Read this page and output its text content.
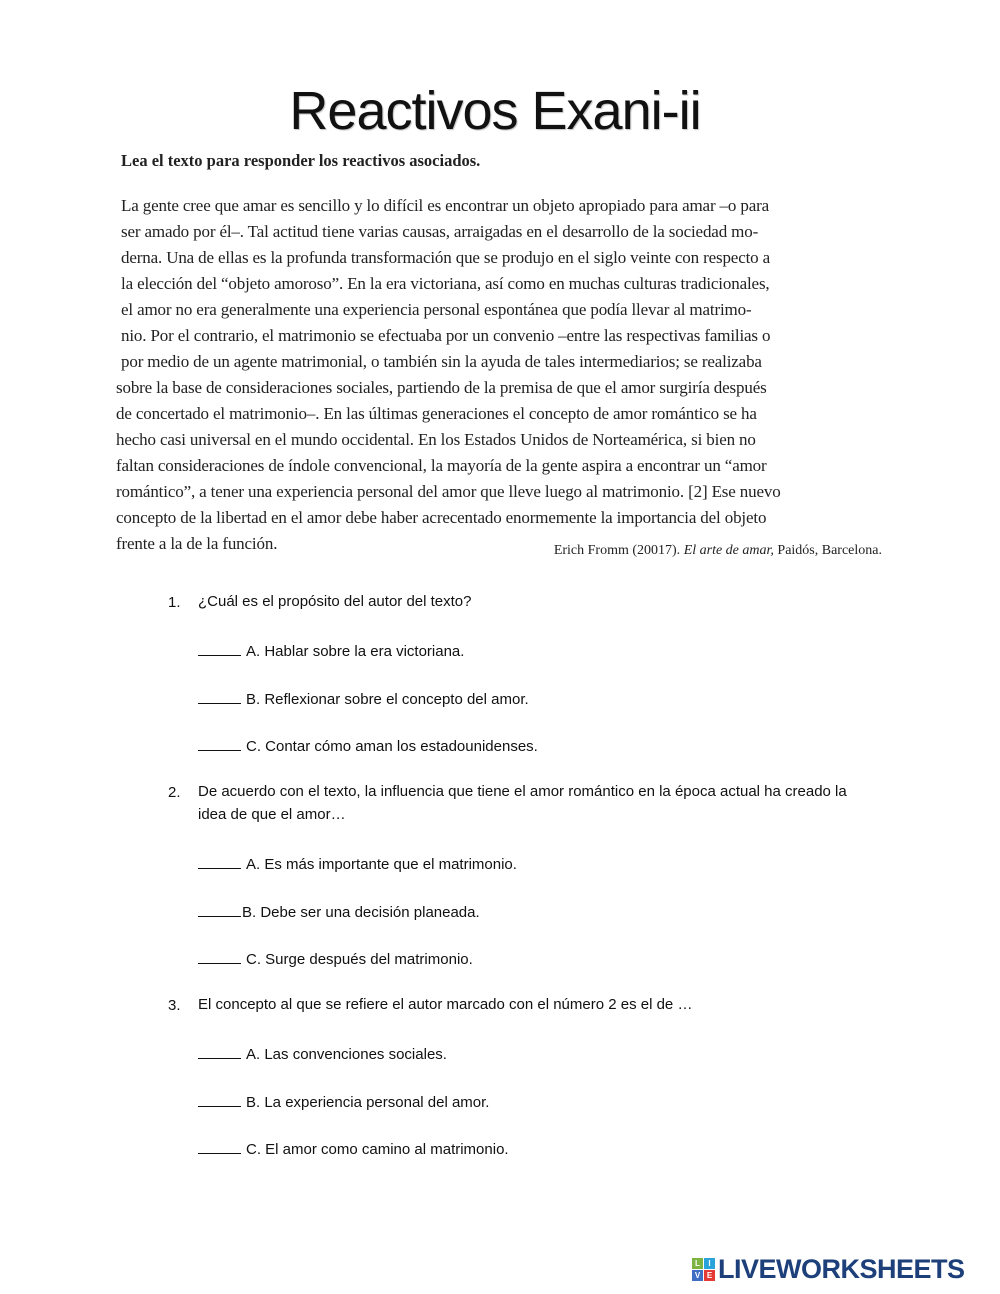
Reactivos Exani-ii
Lea el texto para responder los reactivos asociados.
La gente cree que amar es sencillo y lo difícil es encontrar un objeto apropiado para amar –o para
ser amado por él–. Tal actitud tiene varias causas, arraigadas en el desarrollo de la sociedad mo-
derna. Una de ellas es la profunda transformación que se produjo en el siglo veinte con respecto a
la elección del “objeto amoroso”. En la era victoriana, así como en muchas culturas tradicionales,
el amor no era generalmente una experiencia personal espontánea que podía llevar al matrimo-
nio. Por el contrario, el matrimonio se efectuaba por un convenio –entre las respectivas familias o
por medio de un agente matrimonial, o también sin la ayuda de tales intermediarios; se realizaba
sobre la base de consideraciones sociales, partiendo de la premisa de que el amor surgiría después
de concertado el matrimonio–. En las últimas generaciones el concepto de amor romántico se ha
hecho casi universal en el mundo occidental. En los Estados Unidos de Norteamérica, si bien no
faltan consideraciones de índole convencional, la mayoría de la gente aspira a encontrar un “amor
romántico”, a tener una experiencia personal del amor que lleve luego al matrimonio. [2] Ese nuevo
concepto de la libertad en el amor debe haber acrecentado enormemente la importancia del objeto
frente a la de la función.	Erich Fromm (20017). El arte de amar, Paidós, Barcelona.
1. ¿Cuál es el propósito del autor del texto?
A. Hablar sobre la era victoriana.
B. Reflexionar sobre el concepto del amor.
C. Contar cómo aman los estadounidenses.
2. De acuerdo con el texto, la influencia que tiene el amor romántico en la época actual ha creado la idea de que el amor…
A. Es más importante que el matrimonio.
B. Debe ser una decisión planeada.
C. Surge después del matrimonio.
3. El concepto al que se refiere el autor marcado con el número 2 es el de …
A. Las convenciones sociales.
B. La experiencia personal del amor.
C. El amor como camino al matrimonio.
L	I
V E LIVEWORKSHEETS
